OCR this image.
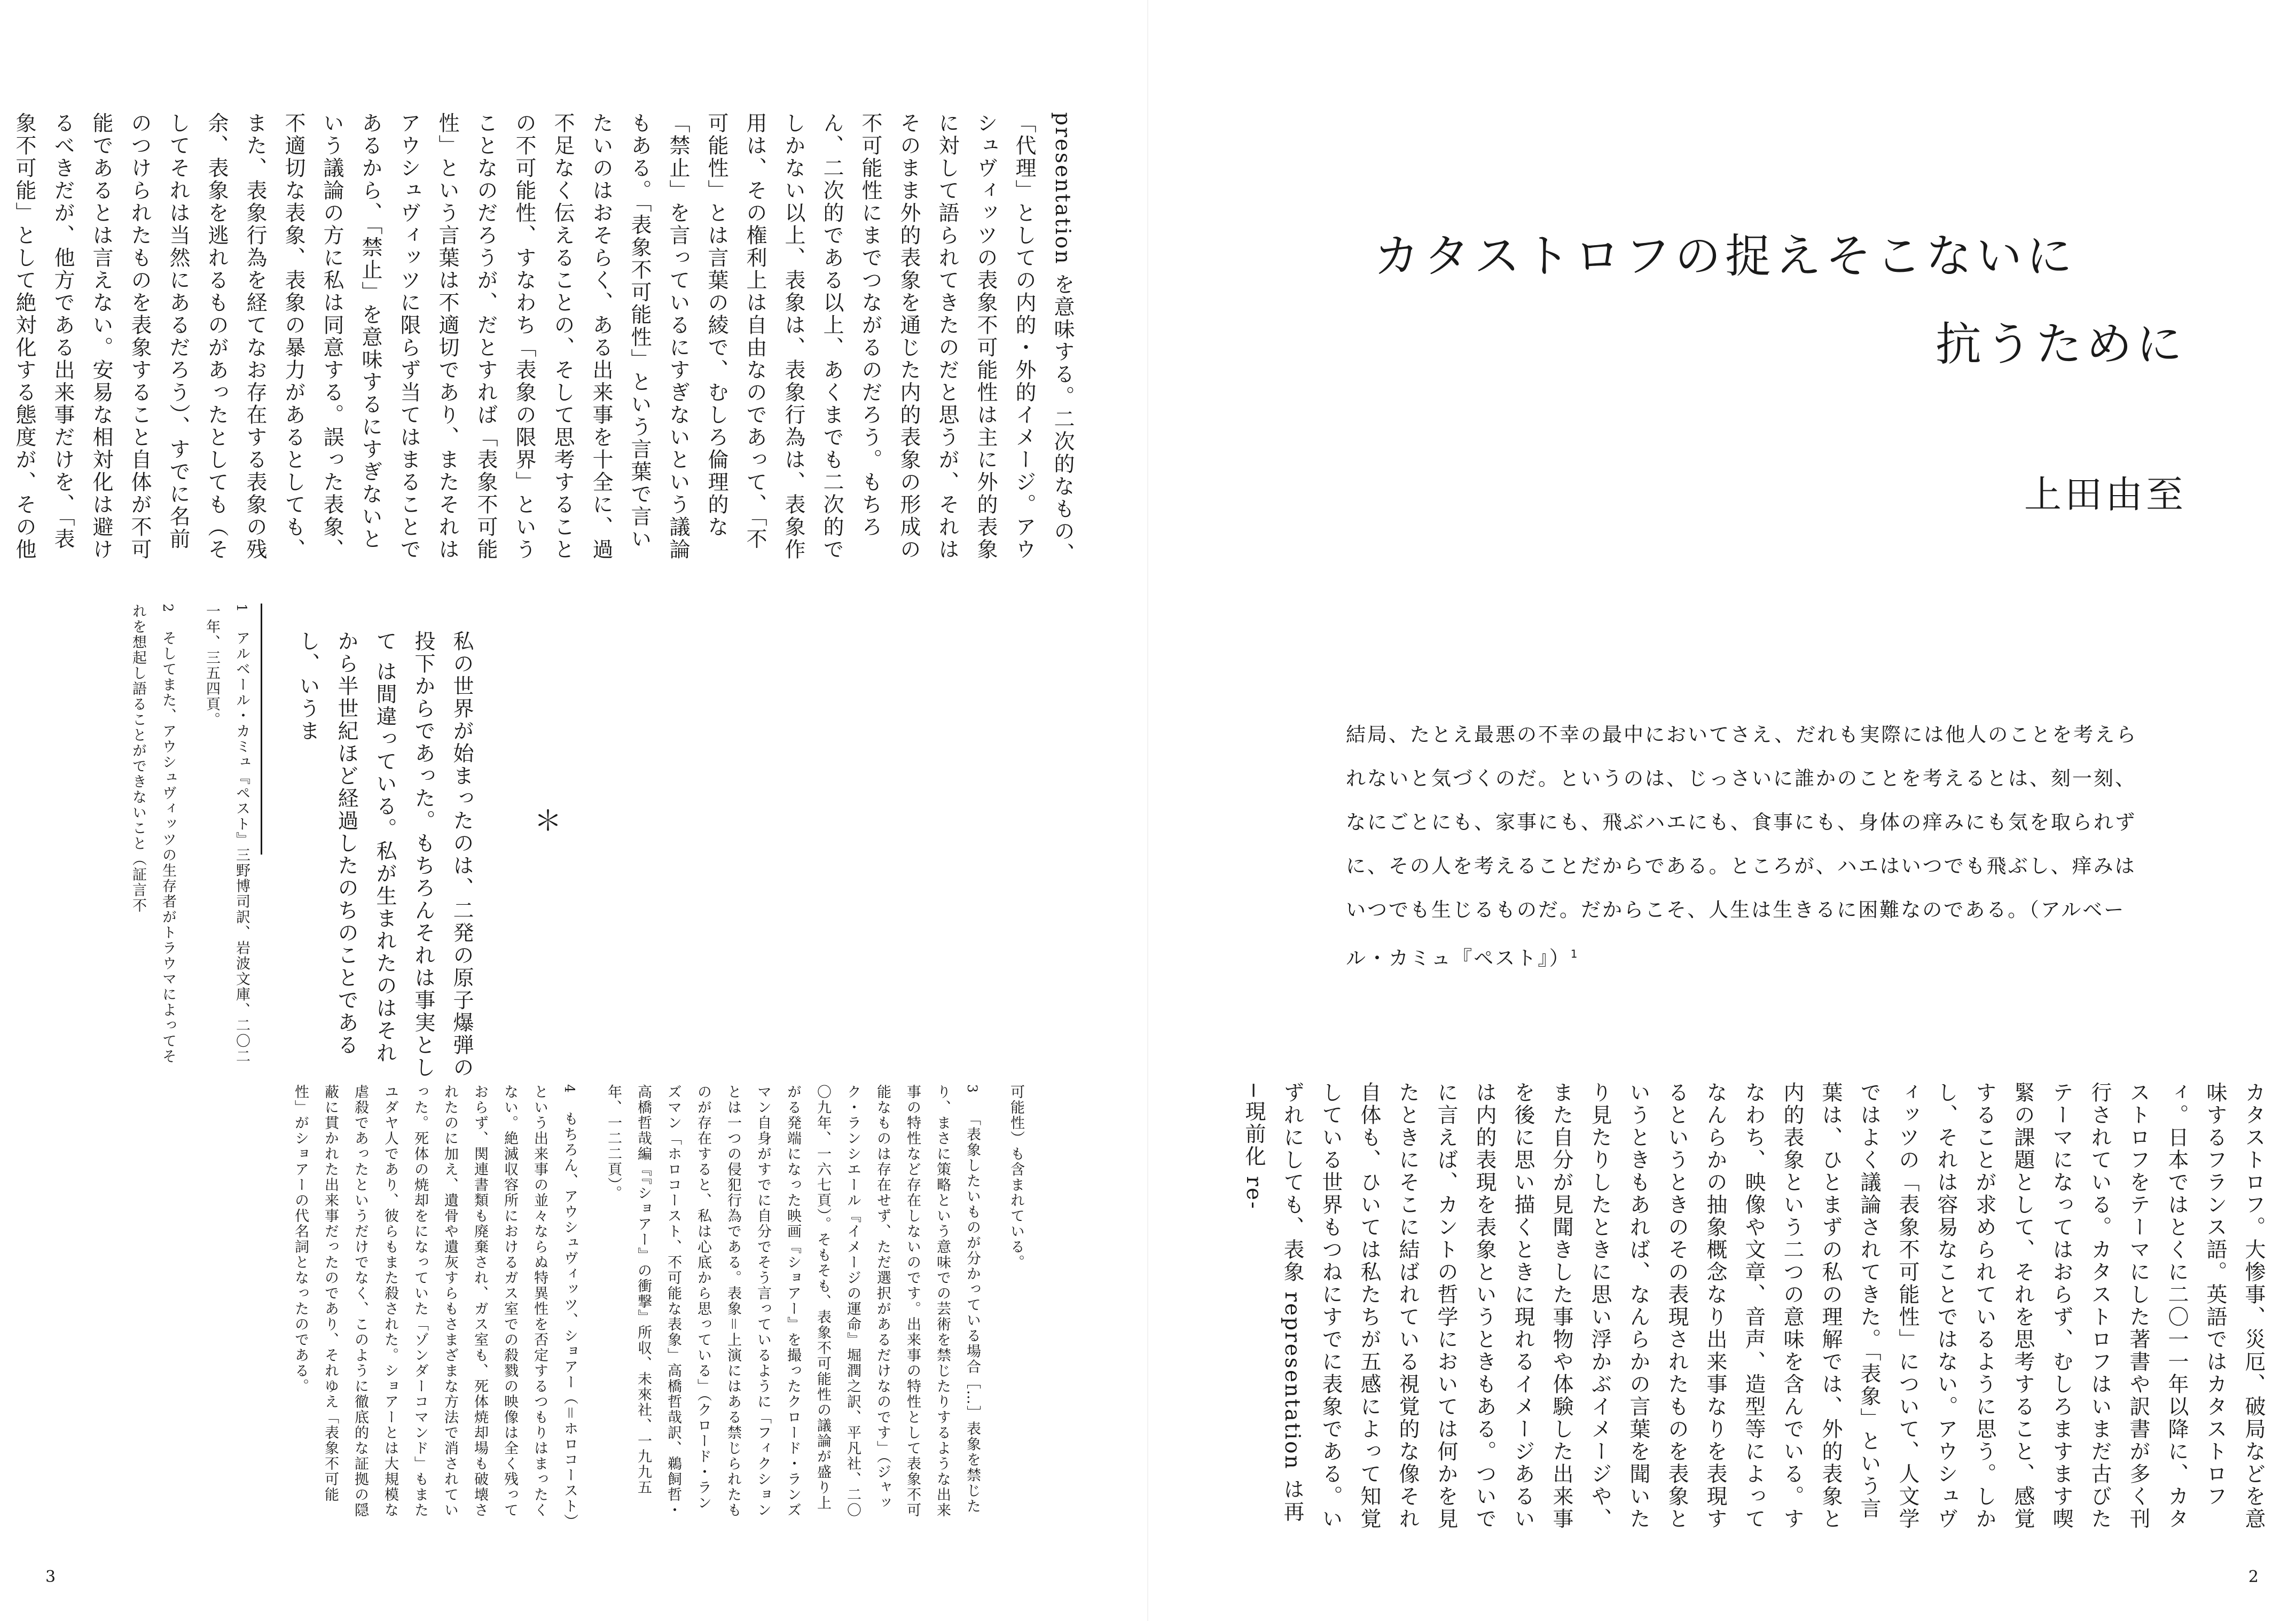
presentation を意味する。二次的なもの、「代理」としての内的・外的イメージ。アウシュヴィッツの表象不可能性は主に外的表象に対して語られてきたのだと思うが、それはそのまま外的表象を通じた内的表象の形成の不可能性にまでつながるのだろう。もちろん、二次的である以上、あくまでも二次的でしかない以上、表象は、表象行為は、表象作用は、その権利上は自由なのであって、「不可能性」とは言葉の綾で、むしろ倫理的な「禁止」を言っているにすぎないという議論もある。「表象不可能性」という言葉で言いたいのはおそらく、ある出来事を十全に、過不足なく伝えることの、そして思考することの不可能性、すなわち「表象の限界」ということなのだろうが、だとすれば「表象不可能性」という言葉は不適切であり、またそれはアウシュヴィッツに限らず当てはまることであるから、「禁止」を意味するにすぎないという議論の方に私は同意する。誤った表象、不適切な表象、表象の暴力があるとしても、また、表象行為を経てなお存在する表象の残余、表象を逃れるものがあったとしても（そしてそれは当然にあるだろう）、すでに名前のつけられたものを表象すること自体が不可能であるとは言えない。安易な相対化は避けるべきだが、他方である出来事だけを、「表象不可能」として絶対化する態度が、その他
＊
私の世界が始まったのは、二発の原子爆弾の投下からであった。もちろんそれは事実として は間違っている。私が生まれたのはそれから半世紀ほど経過したのちのことであるし、いうま
1 アルベール・カミュ『ペスト』三野博司訳、岩波文庫、二〇二一年、三五四頁。
2 そしてまた、アウシュヴィッツの生存者がトラウマによってそれを想起し語ることができないこと（証言不
可能性）も含まれている。
3 「表象したいものが分かっている場合［…］表象を禁じたり、まさに策略という意味での芸術を禁じたりするような出来事の特性など存在しないのです。出来事の特性として表象不可能なものは存在せず、ただ選択があるだけなのです」（ジャック・ランシエール『イメージの運命』堀潤之訳、平凡社、二〇〇九年、一六七頁）。そもそも、表象不可能性の議論が盛り上がる発端になった映画『ショアー』を撮ったクロード・ランズマン自身がすでに自分でそう言っているように「フィクションとは一つの侵犯行為である。表象＝上演にはある禁じられたものが存在すると、私は心底から思っている」（クロード・ランズマン「ホロコースト、不可能な表象」高橋哲哉訳、鵜飼哲・高橋哲哉編『『ショアー』の衝撃』所収、未來社、一九九五年、一二二頁）。
4 もちろん、アウシュヴィッツ、ショアー（＝ホロコースト）という出来事の並々ならぬ特異性を否定するつもりはまったくない。絶滅収容所におけるガス室での殺戮の映像は全く残っておらず、関連書類も廃棄され、ガス室も、死体焼却場も破壊されたのに加え、遺骨や遺灰すらもさまざまな方法で消されていった。死体の焼却をになっていた「ゾンダーコマンド」もまたユダヤ人であり、彼らもまた殺された。ショアーとは大規模な虐殺であったというだけでなく、このように徹底的な証拠の隠蔽に貫かれた出来事だったのであり、それゆえ「表象不可能性」がショアーの代名詞となったのである。
3
カタストロフの捉えそこないに
抗うために
上田由至
結局、たとえ最悪の不幸の最中においてさえ、だれも実際には他人のことを考えられないと気づくのだ。というのは、じっさいに誰かのことを考えるとは、刻一刻、なにごとにも、家事にも、飛ぶハエにも、食事にも、身体の痒みにも気を取られずに、その人を考えることだからである。ところが、ハエはいつでも飛ぶし、痒みはいつでも生じるものだ。だからこそ、人生は生きるに困難なのである。（アルベール・カミュ『ペスト』）$^1$
カタストロフ。大惨事、災厄、破局などを意味するフランス語。英語ではカタストロフィ。日本ではとくに二〇一一年以降に、カタストロフをテーマにした著書や訳書が多く刊行されている。カタストロフはいまだ古びたテーマになってはおらず、むしろますます喫緊の課題として、それを思考すること、感覚することが求められているように思う。しかし、それは容易なことではない。アウシュヴィッツの「表象不可能性」について、人文学ではよく議論されてきた。「表象」という言葉は、ひとまずの私の理解では、外的表象と内的表象という二つの意味を含んでいる。すなわち、映像や文章、音声、造型等によってなんらかの抽象概念なり出来事なりを表現するというときのその表現されたものを表象というときもあれば、なんらかの言葉を聞いたり見たりしたときに思い浮かぶイメージや、また自分が見聞きした事物や体験した出来事を後に思い描くときに現れるイメージあるいは内的表現を表象というときもある。ついでに言えば、カントの哲学においては何かを見たときにそこに結ばれている視覚的な像それ自体も、ひいては私たちが五感によって知覚している世界もつねにすでに表象である。いずれにしても、表象 representation は再−現前化 re-
2
